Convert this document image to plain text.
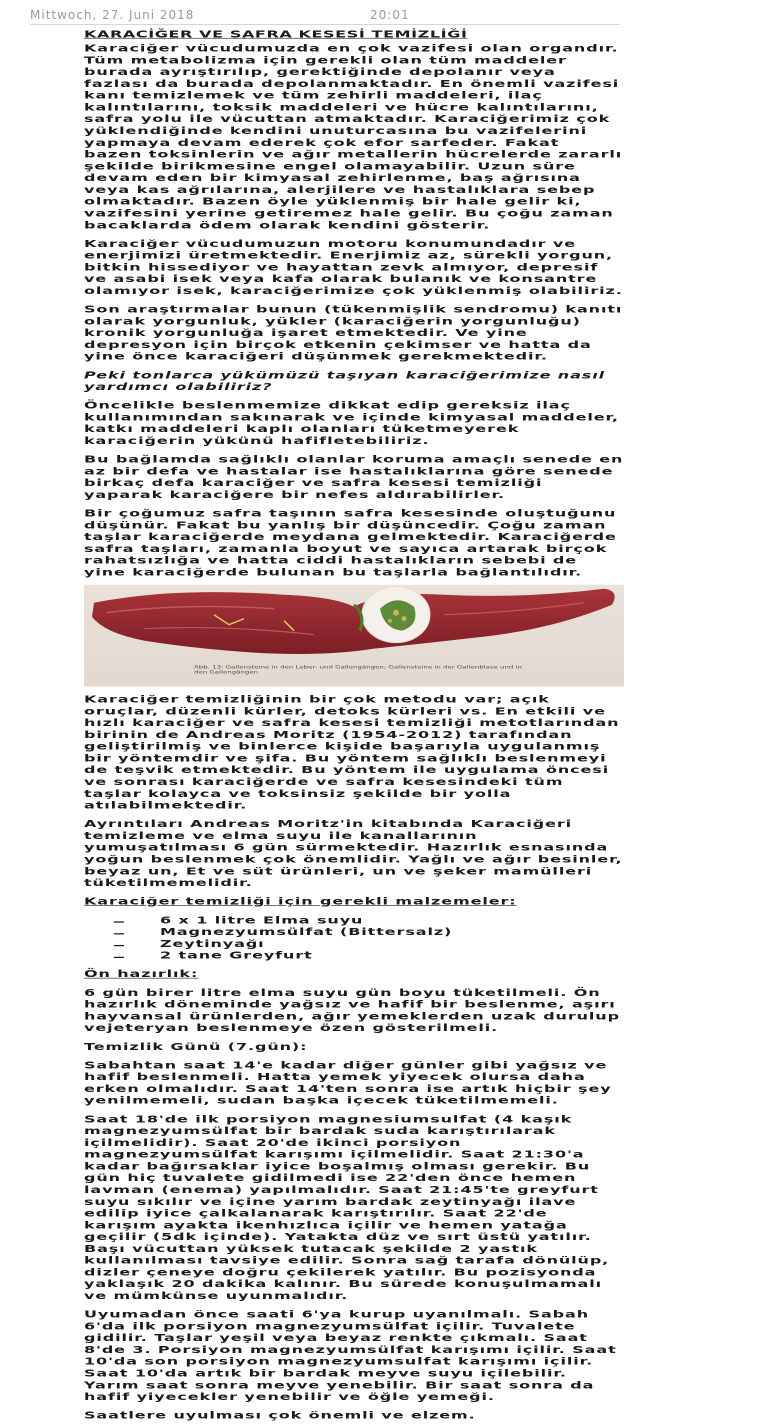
Mittwoch, 27. Juni 2018	20:01

KARACİĞER VE SAFRA KESESİ TEMİZLİĞİ

Karaciğer vücudumuzda en çok vazifesi olan organdır. Tüm metabolizma için gerekli olan tüm maddeler burada ayrıştırılıp, gerektiğinde depolanır veya fazlası da burada depolanmaktadır. En önemli vazifesi kanı temizlemek ve tüm zehirli maddeleri, ilaç kalıntılarını, toksik maddeleri ve hücre kalıntılarını, safra yolu ile vücuttan atmaktadır. Karaciğerimiz çok yüklendiğinde kendini unuturcasına bu vazifelerini yapmaya devam ederek çok efor sarfeder. Fakat bazen toksinlerin ve ağır metallerin hücrelerde zararlı şekilde birikmesine engel olamayabilir. Uzun süre devam eden bir kimyasal zehirlenme, baş ağrısına veya kas ağrılarına, alerjilere ve hastalıklara sebep olmaktadır. Bazen öyle yüklenmiş bir hale gelir ki, vazifesini yerine getiremez hale gelir. Bu çoğu zaman bacaklarda ödem olarak kendini gösterir.

Karaciğer vücudumuzun motoru konumundadır ve enerjimizi üretmektedir. Enerjimiz az, sürekli yorgun, bitkin hissediyor ve hayattan zevk almıyor, depresif ve asabi isek veya kafa olarak bulanık ve konsantre olamıyor isek, karaciğerimize çok yüklenmiş olabiliriz.

Son araştırmalar bunun (tükenmişlik sendromu) kanıtı olarak yorgunluk, yükler (karaciğerin yorgunluğu) kronik yorgunluğa işaret etmektedir. Ve yine depresyon için birçok etkenin çekimser ve hatta da yine önce karaciğeri düşünmek gerekmektedir.

Peki tonlarca yükümüzü taşıyan karaciğerimize nasıl yardımcı olabiliriz?

Öncelikle beslenmemize dikkat edip gereksiz ilaç kullanımından sakınarak ve içinde kimyasal maddeler, katkı maddeleri kaplı olanları tüketmeyerek karaciğerin yükünü hafifletebiliriz.

Bu bağlamda sağlıklı olanlar koruma amaçlı senede en az bir defa ve hastalar ise hastalıklarına göre senede birkaç defa karaciğer ve safra kesesi temizliği yaparak karaciğere bir nefes aldırabilirler.

Bir çoğumuz safra taşının safra kesesinde oluştuğunu düşünür. Fakat bu yanlış bir düşüncedir. Çoğu zaman taşlar karaciğerde meydana gelmektedir. Karaciğerde safra taşları, zamanla boyut ve sayıca artarak birçok rahatsızlığa ve hatta ciddi hastalıkların sebebi de yine karaciğerde bulunan bu taşlarla bağlantılıdır.

Abb. 13: Gallensteine in den Leber- und Gallengängen; Gallensteine in der Gallenblase und in den Gallengängen

Karaciğer temizliğinin bir çok metodu var; açık oruçlar, düzenli kürler, detoks kürleri vs. En etkili ve hızlı karaciğer ve safra kesesi temizliği metotlarından birinin de Andreas Moritz (1954-2012) tarafından geliştirilmiş ve binlerce kişide başarıyla uygulanmış bir yöntemdir ve şifa. Bu yöntem sağlıklı beslenmeyi de teşvik etmektedir. Bu yöntem ile uygulama öncesi ve sonrası karaciğerde ve safra kesesindeki tüm taşlar kolayca ve toksinsiz şekilde bir yolla atılabilmektedir.

Ayrıntıları Andreas Moritz'in kitabında Karaciğeri temizleme ve elma suyu ile kanallarının yumuşatılması 6 gün sürmektedir. Hazırlık esnasında yoğun beslenmek çok önemlidir. Yağlı ve ağır besinler, beyaz un, Et ve süt ürünleri, un ve şeker mamülleri tüketilmemelidir.

Karaciğer temizliği için gerekli malzemeler:

6 x 1 litre Elma suyu
Magnezyumsülfat (Bittersalz)
Zeytinyağı
2 tane Greyfurt

Ön hazırlık:

6 gün birer litre elma suyu gün boyu tüketilmeli. Ön hazırlık döneminde yağsız ve hafif bir beslenme, aşırı hayvansal ürünlerden, ağır yemeklerden uzak durulup vejeteryan beslenmeye özen gösterilmeli.

Temizlik Günü (7.gün):

Sabahtan saat 14'e kadar diğer günler gibi yağsız ve hafif beslenmeli. Hatta yemek yiyecek olursa daha erken olmalıdır. Saat 14'ten sonra ise artık hiçbir şey yenilmemeli, sudan başka içecek tüketilmemeli.

Saat 18'de ilk porsiyon magnesiumsulfat (4 kaşık magnezyumsülfat bir bardak suda karıştırılarak içilmelidir). Saat 20'de ikinci porsiyon magnezyumsülfat karışımı içilmelidir. Saat 21:30'a kadar bağırsaklar iyice boşalmış olması gerekir. Bu gün hiç tuvalete gidilmedi ise 22'den önce hemen lavman (enema) yapılmalıdır. Saat 21:45'te greyfurt suyu sıkılır ve içine yarım bardak zeytinyağı ilave edilip iyice çalkalanarak karıştırılır. Saat 22'de karışım ayakta ikenhızlıca içilir ve hemen yatağa geçilir (5dk içinde). Yatakta düz ve sırt üstü yatılır. Başı vücuttan yüksek tutacak şekilde 2 yastık kullanılması tavsiye edilir. Sonra sağ tarafa dönülüp, dizler çeneye doğru çekilerek yatılır. Bu pozisyonda yaklaşık 20 dakika kalınır. Bu sürede konuşulmamalı ve mümkünse uyunmalıdır.

Uyumadan önce saati 6'ya kurup uyanılmalı. Sabah 6'da ilk porsiyon magnezyumsülfat içilir. Tuvalete gidilir. Taşlar yeşil veya beyaz renkte çıkmalı. Saat 8'de 3. Porsiyon magnezyumsülfat karışımı içilir. Saat 10'da son porsiyon magnezyumsulfat karışımı içilir. Saat 10'da artık bir bardak meyve suyu içilebilir. Yarım saat sonra meyve yenebilir. Bir saat sonra da hafif yiyecekler yenebilir ve öğle yemeği.

Saatlere uyulması çok önemli ve elzem.
